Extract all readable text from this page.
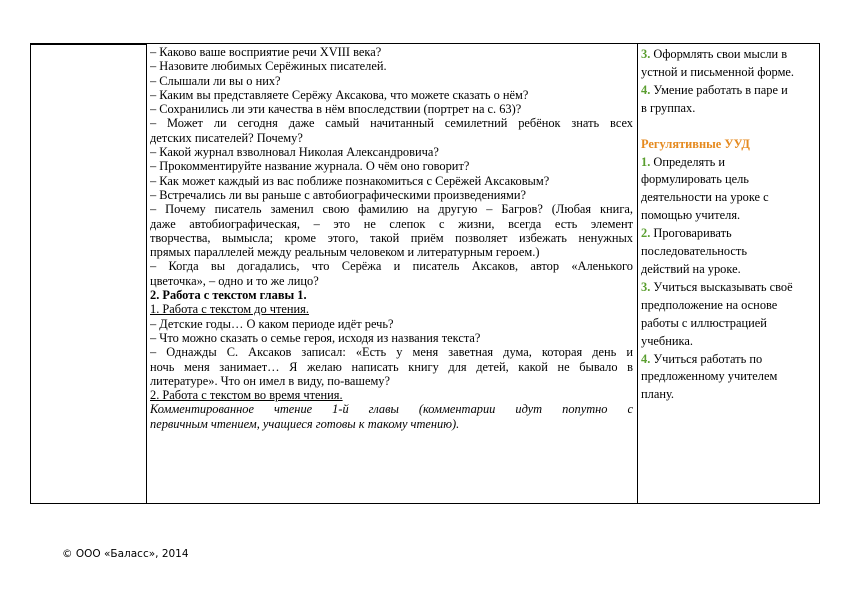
– Каково ваше восприятие речи XVIII века?
– Назовите любимых Серёжиных писателей.
– Слышали ли вы о них?
– Каким вы представляете Серёжу Аксакова, что можете сказать о нём?
– Сохранились ли эти качества в нём впоследствии (портрет на с. 63)?
– Может ли сегодня даже самый начитанный семилетний ребёнок знать всех
детских писателей? Почему?
– Какой журнал взволновал Николая Александровича?
– Прокомментируйте название журнала. О чём оно говорит?
– Как может каждый из вас поближе познакомиться с Серёжей Аксаковым?
– Встречались ли вы раньше с автобиографическими произведениями?
– Почему писатель заменил свою фамилию на другую – Багров? (Любая книга,
даже автобиографическая, – это не слепок с жизни, всегда есть элемент
творчества, вымысла; кроме этого, такой приём позволяет избежать ненужных
прямых параллелей между реальным человеком и литературным героем.)
– Когда вы догадались, что Серёжа и писатель Аксаков, автор «Аленького
цветочка», – одно и то же лицо?
2. Работа с текстом главы 1.
1. Работа с текстом до чтения.
– Детские годы… О каком периоде идёт речь?
– Что можно сказать о семье героя, исходя из названия текста?
– Однажды С. Аксаков записал: «Есть у меня заветная дума, которая день и
ночь меня занимает… Я желаю написать книгу для детей, какой не бывало в
литературе». Что он имел в виду, по-вашему?
2. Работа с текстом во время чтения.
Комментированное чтение 1-й главы (комментарии идут попутно с
первичным чтением, учащиеся готовы к такому чтению).
3. Оформлять свои мысли в
устной и письменной форме.
4. Умение работать в паре и
в группах.
Регулятивные УУД
1. Определять и
формулировать цель
деятельности на уроке с
помощью учителя.
2. Проговаривать
последовательность
действий на уроке.
3. Учиться высказывать своё
предположение на основе
работы с иллюстрацией
учебника.
4. Учиться работать по
предложенному учителем
плану.
© ООО «Баласс», 2014
